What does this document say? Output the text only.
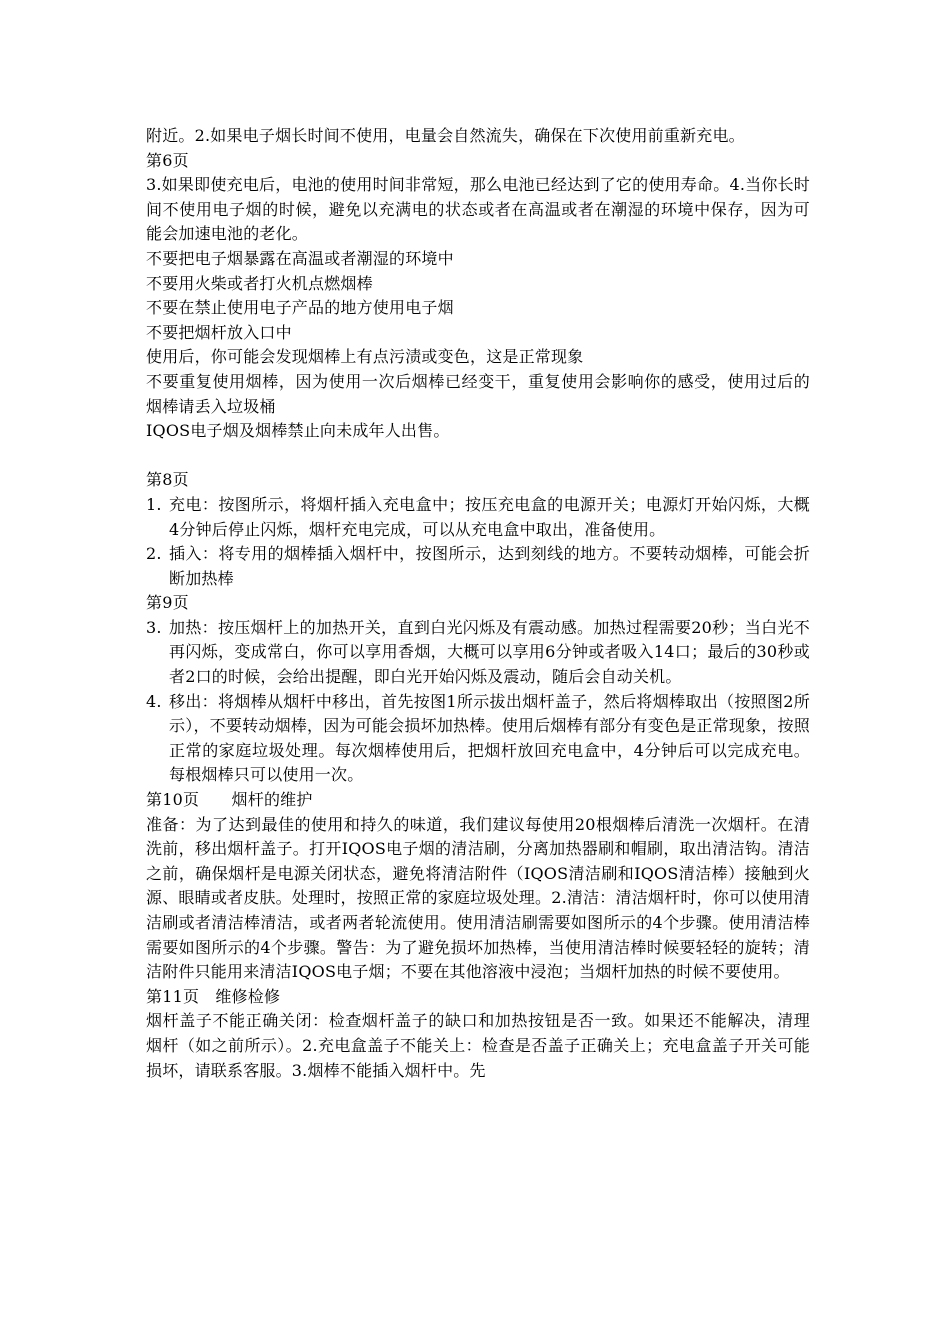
附近。2.如果电子烟长时间不使用，电量会自然流失，确保在下次使用前重新充电。

第6页

3.如果即使充电后，电池的使用时间非常短，那么电池已经达到了它的使用寿命。4.当你长时间不使用电子烟的时候，避免以充满电的状态或者在高温或者在潮湿的环境中保存，因为可能会加速电池的老化。

不要把电子烟暴露在高温或者潮湿的环境中

不要用火柴或者打火机点燃烟棒

不要在禁止使用电子产品的地方使用电子烟

不要把烟杆放入口中

使用后，你可能会发现烟棒上有点污渍或变色，这是正常现象

不要重复使用烟棒，因为使用一次后烟棒已经变干，重复使用会影响你的感受，使用过后的烟棒请丢入垃圾桶

IQOS电子烟及烟棒禁止向未成年人出售。

第8页

1. 充电：按图所示，将烟杆插入充电盒中；按压充电盒的电源开关；电源灯开始闪烁，大概4分钟后停止闪烁，烟杆充电完成，可以从充电盒中取出，准备使用。
2. 插入：将专用的烟棒插入烟杆中，按图所示，达到刻线的地方。不要转动烟棒，可能会折断加热棒

第9页

3. 加热：按压烟杆上的加热开关，直到白光闪烁及有震动感。加热过程需要20秒；当白光不再闪烁，变成常白，你可以享用香烟，大概可以享用6分钟或者吸入14口；最后的30秒或者2口的时候，会给出提醒，即白光开始闪烁及震动，随后会自动关机。
4. 移出：将烟棒从烟杆中移出，首先按图1所示拔出烟杆盖子，然后将烟棒取出（按照图2所示），不要转动烟棒，因为可能会损坏加热棒。使用后烟棒有部分有变色是正常现象，按照正常的家庭垃圾处理。每次烟棒使用后，把烟杆放回充电盒中，4分钟后可以完成充电。每根烟棒只可以使用一次。

第10页　　烟杆的维护

准备：为了达到最佳的使用和持久的味道，我们建议每使用20根烟棒后清洗一次烟杆。在清洗前，移出烟杆盖子。打开IQOS电子烟的清洁刷，分离加热器刷和帽刷，取出清洁钩。清洁之前，确保烟杆是电源关闭状态，避免将清洁附件（IQOS清洁刷和IQOS清洁棒）接触到火源、眼睛或者皮肤。处理时，按照正常的家庭垃圾处理。2.清洁：清洁烟杆时，你可以使用清洁刷或者清洁棒清洁，或者两者轮流使用。使用清洁刷需要如图所示的4个步骤。使用清洁棒需要如图所示的4个步骤。警告：为了避免损坏加热棒，当使用清洁棒时候要轻轻的旋转；清洁附件只能用来清洁IQOS电子烟；不要在其他溶液中浸泡；当烟杆加热的时候不要使用。

第11页　维修检修

烟杆盖子不能正确关闭：检查烟杆盖子的缺口和加热按钮是否一致。如果还不能解决，清理烟杆（如之前所示）。2.充电盒盖子不能关上：检查是否盖子正确关上；充电盒盖子开关可能损坏，请联系客服。3.烟棒不能插入烟杆中。先
